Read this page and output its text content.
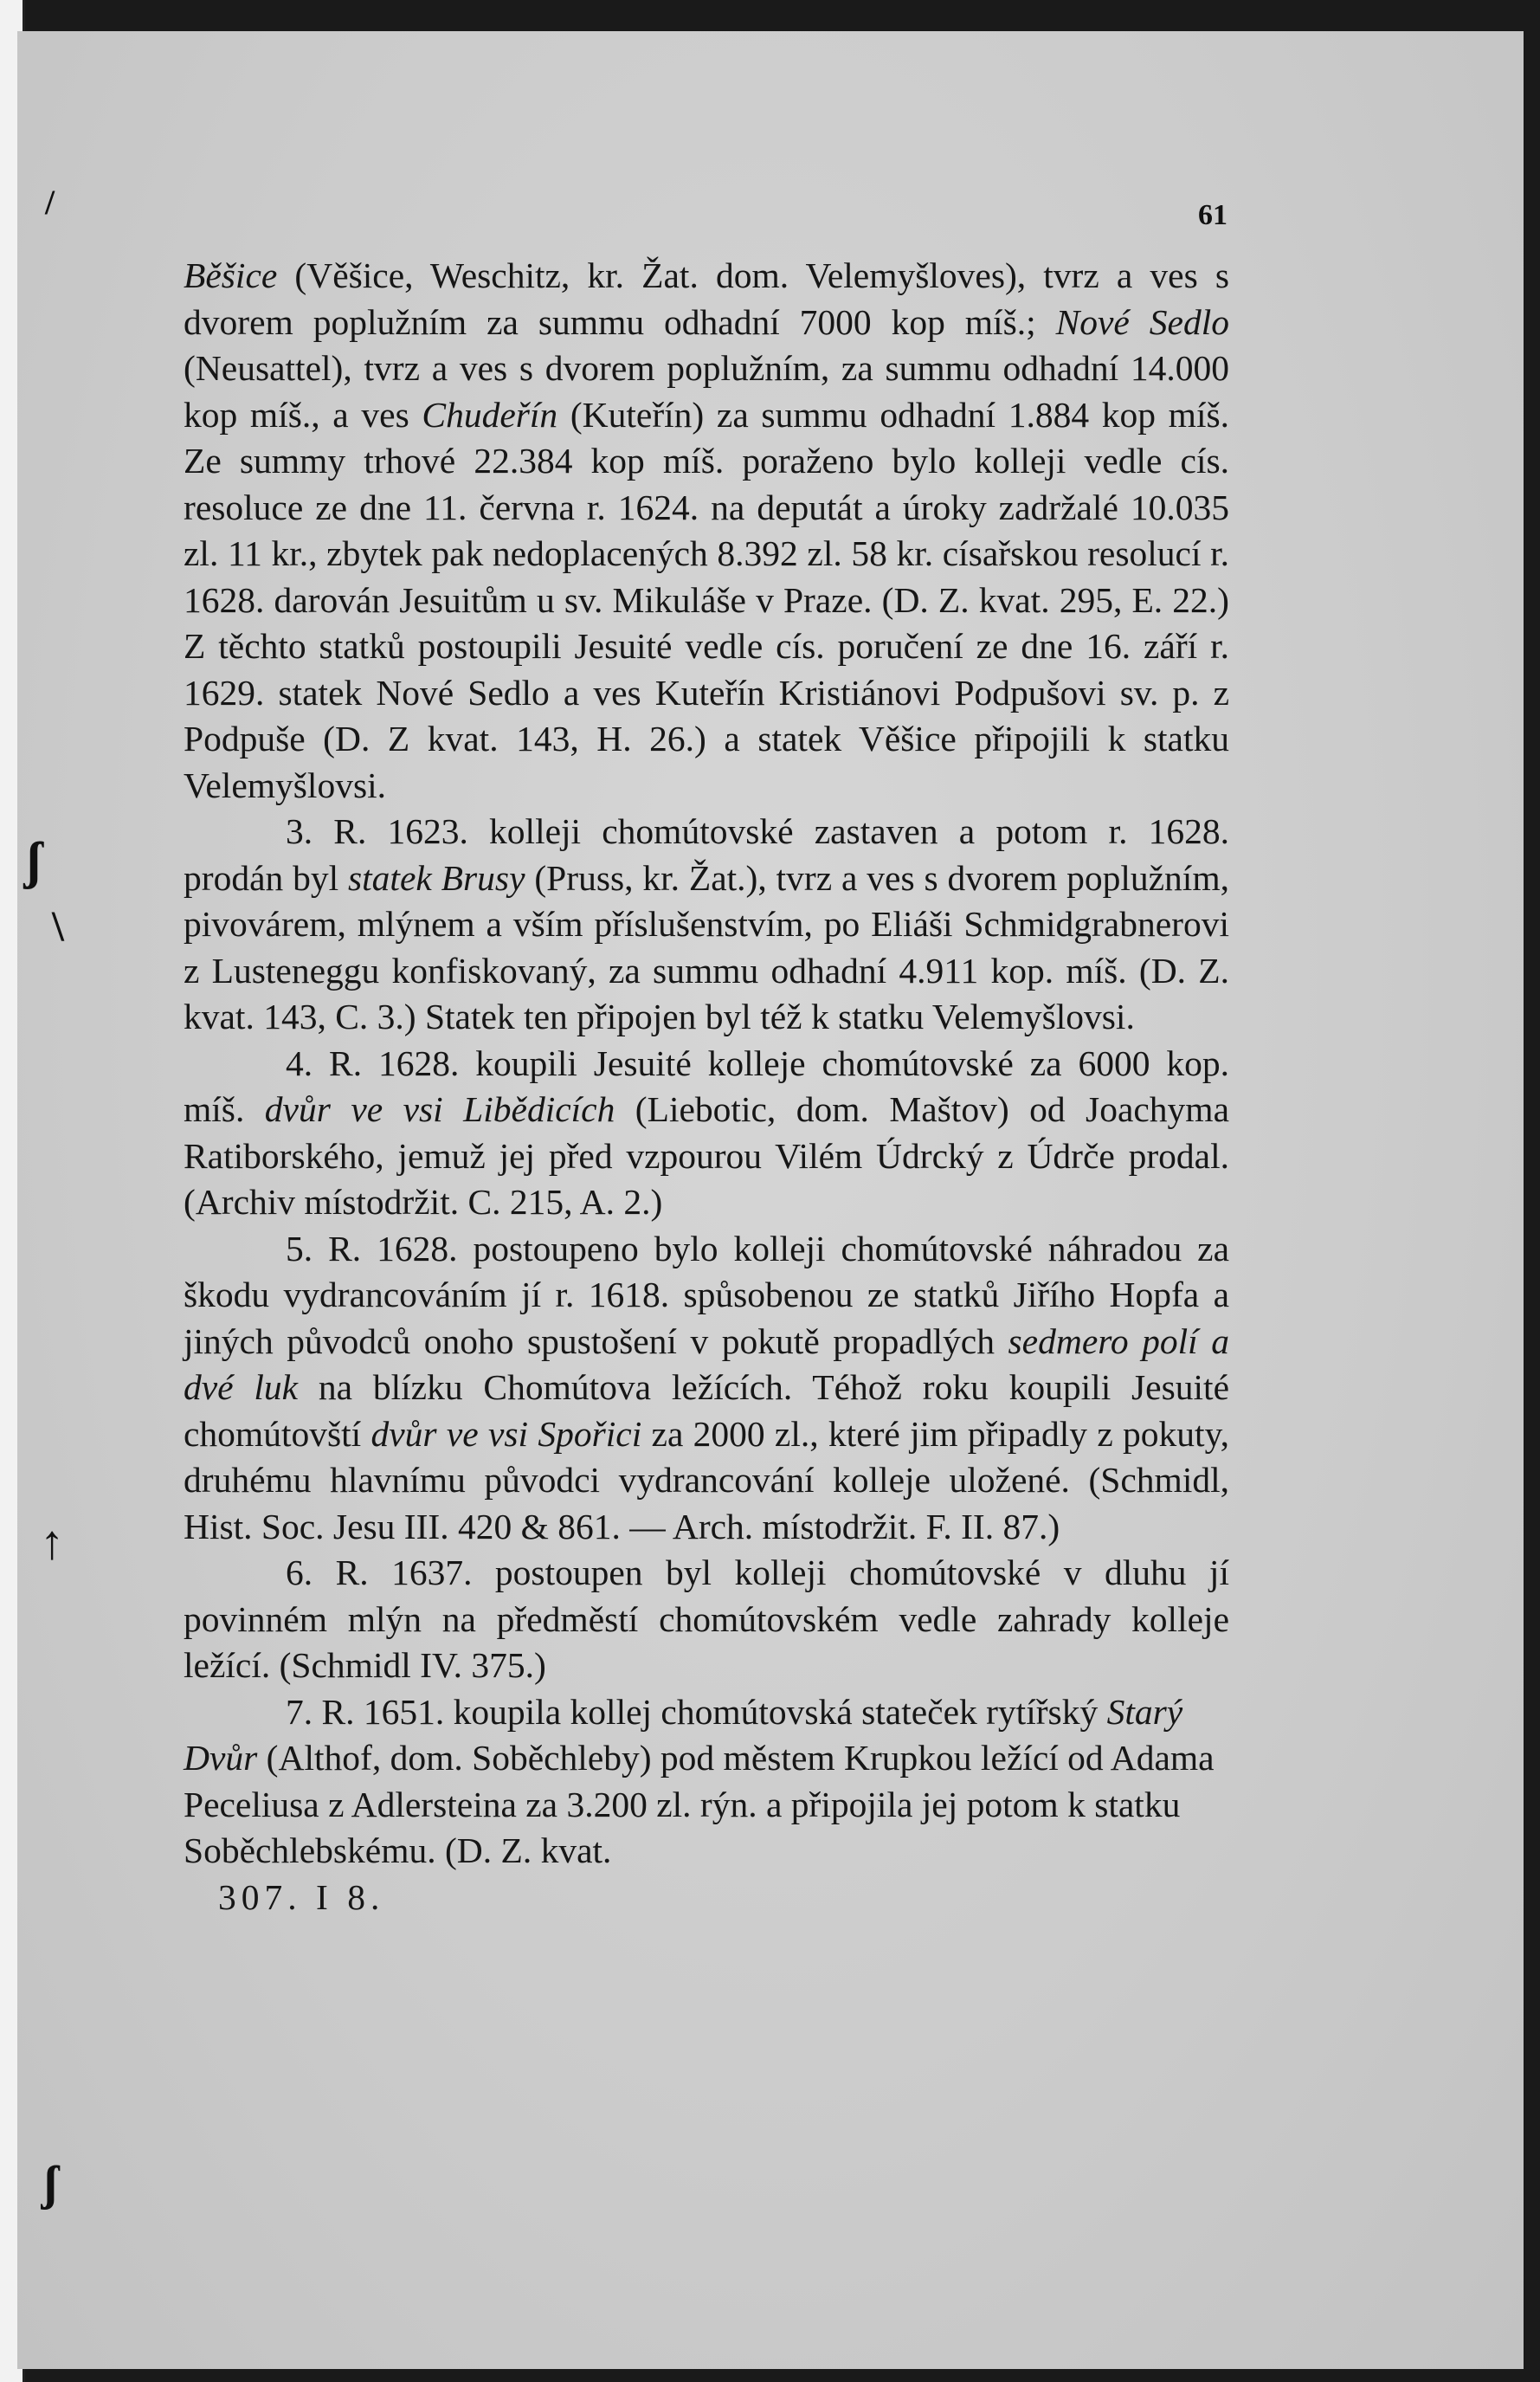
/
ʃ
\
↑
ʃ
61

Běšice (Věšice, Weschitz, kr. Žat. dom. Velemyšloves), tvrz a ves s dvorem poplužním za summu odhadní 7000 kop míš.; Nové Sedlo (Neusattel), tvrz a ves s dvorem poplužním, za summu odhadní 14.000 kop míš., a ves Chudeřín (Kuteřín) za summu odhadní 1.884 kop míš. Ze summy trhové 22.384 kop míš. poraženo bylo kolleji vedle cís. resoluce ze dne 11. června r. 1624. na deputát a úroky zadržalé 10.035 zl. 11 kr., zbytek pak nedoplacených 8.392 zl. 58 kr. císařskou resolucí r. 1628. darován Jesuitům u sv. Mikuláše v Praze. (D. Z. kvat. 295, E. 22.) Z těchto statků postoupili Jesuité vedle cís. poručení ze dne 16. září r. 1629. statek Nové Sedlo a ves Kuteřín Kristiánovi Podpušovi sv. p. z Podpuše (D. Z kvat. 143, H. 26.) a statek Věšice připojili k statku Velemyšlovsi.

3. R. 1623. kolleji chomútovské zastaven a potom r. 1628. prodán byl statek Brusy (Pruss, kr. Žat.), tvrz a ves s dvorem poplužním, pivovárem, mlýnem a vším příslušenstvím, po Eliáši Schmidgrabnerovi z Lusteneggu konfiskovaný, za summu odhadní 4.911 kop. míš. (D. Z. kvat. 143, C. 3.) Statek ten připojen byl též k statku Velemyšlovsi.

4. R. 1628. koupili Jesuité kolleje chomútovské za 6000 kop. míš. dvůr ve vsi Libědicích (Liebotic, dom. Maštov) od Joachyma Ratiborského, jemuž jej před vzpourou Vilém Údrcký z Údrče prodal. (Archiv místodržit. C. 215, A. 2.)

5. R. 1628. postoupeno bylo kolleji chomútovské náhradou za škodu vydrancováním jí r. 1618. spůsobenou ze statků Jiřího Hopfa a jiných původců onoho spustošení v pokutě propadlých sedmero polí a dvé luk na blízku Chomútova ležících. Téhož roku koupili Jesuité chomútovští dvůr ve vsi Spořici za 2000 zl., které jim připadly z pokuty, druhému hlavnímu původci vydrancování kolleje uložené. (Schmidl, Hist. Soc. Jesu III. 420 & 861. — Arch. místodržit. F. II. 87.)

6. R. 1637. postoupen byl kolleji chomútovské v dluhu jí povinném mlýn na předměstí chomútovském vedle zahrady kolleje ležící. (Schmidl IV. 375.)

7. R. 1651. koupila kollej chomútovská stateček rytířský Starý Dvůr (Althof, dom. Soběchleby) pod městem Krupkou ležící od Adama Peceliusa z Adlersteina za 3.200 zl. rýn. a připojila jej potom k statku Soběchlebskému. (D. Z. kvat.

307. I 8.
